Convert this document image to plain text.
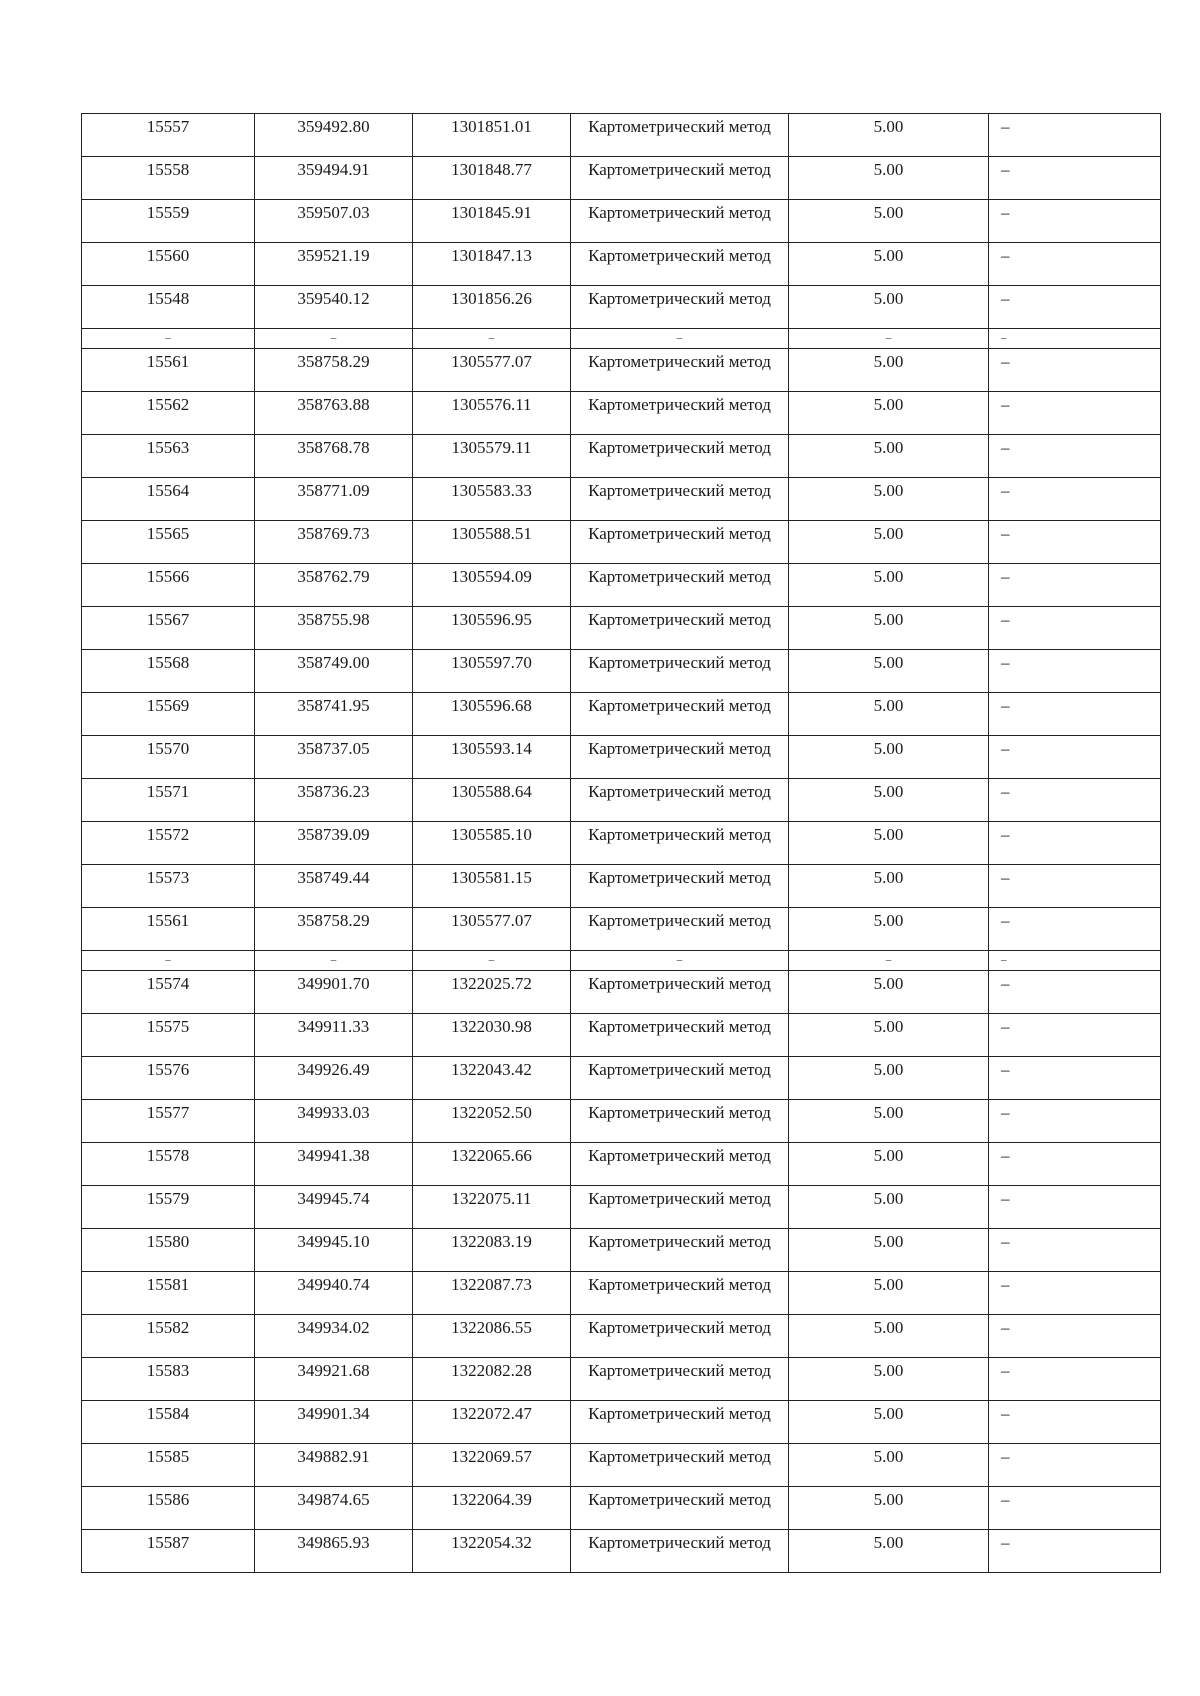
15557	359492.80	1301851.01	Картометрический метод	5.00	–
15558	359494.91	1301848.77	Картометрический метод	5.00	–
15559	359507.03	1301845.91	Картометрический метод	5.00	–
15560	359521.19	1301847.13	Картометрический метод	5.00	–
15548	359540.12	1301856.26	Картометрический метод	5.00	–
–	–	–	–	–	–
15561	358758.29	1305577.07	Картометрический метод	5.00	–
15562	358763.88	1305576.11	Картометрический метод	5.00	–
15563	358768.78	1305579.11	Картометрический метод	5.00	–
15564	358771.09	1305583.33	Картометрический метод	5.00	–
15565	358769.73	1305588.51	Картометрический метод	5.00	–
15566	358762.79	1305594.09	Картометрический метод	5.00	–
15567	358755.98	1305596.95	Картометрический метод	5.00	–
15568	358749.00	1305597.70	Картометрический метод	5.00	–
15569	358741.95	1305596.68	Картометрический метод	5.00	–
15570	358737.05	1305593.14	Картометрический метод	5.00	–
15571	358736.23	1305588.64	Картометрический метод	5.00	–
15572	358739.09	1305585.10	Картометрический метод	5.00	–
15573	358749.44	1305581.15	Картометрический метод	5.00	–
15561	358758.29	1305577.07	Картометрический метод	5.00	–
–	–	–	–	–	–
15574	349901.70	1322025.72	Картометрический метод	5.00	–
15575	349911.33	1322030.98	Картометрический метод	5.00	–
15576	349926.49	1322043.42	Картометрический метод	5.00	–
15577	349933.03	1322052.50	Картометрический метод	5.00	–
15578	349941.38	1322065.66	Картометрический метод	5.00	–
15579	349945.74	1322075.11	Картометрический метод	5.00	–
15580	349945.10	1322083.19	Картометрический метод	5.00	–
15581	349940.74	1322087.73	Картометрический метод	5.00	–
15582	349934.02	1322086.55	Картометрический метод	5.00	–
15583	349921.68	1322082.28	Картометрический метод	5.00	–
15584	349901.34	1322072.47	Картометрический метод	5.00	–
15585	349882.91	1322069.57	Картометрический метод	5.00	–
15586	349874.65	1322064.39	Картометрический метод	5.00	–
15587	349865.93	1322054.32	Картометрический метод	5.00	–
